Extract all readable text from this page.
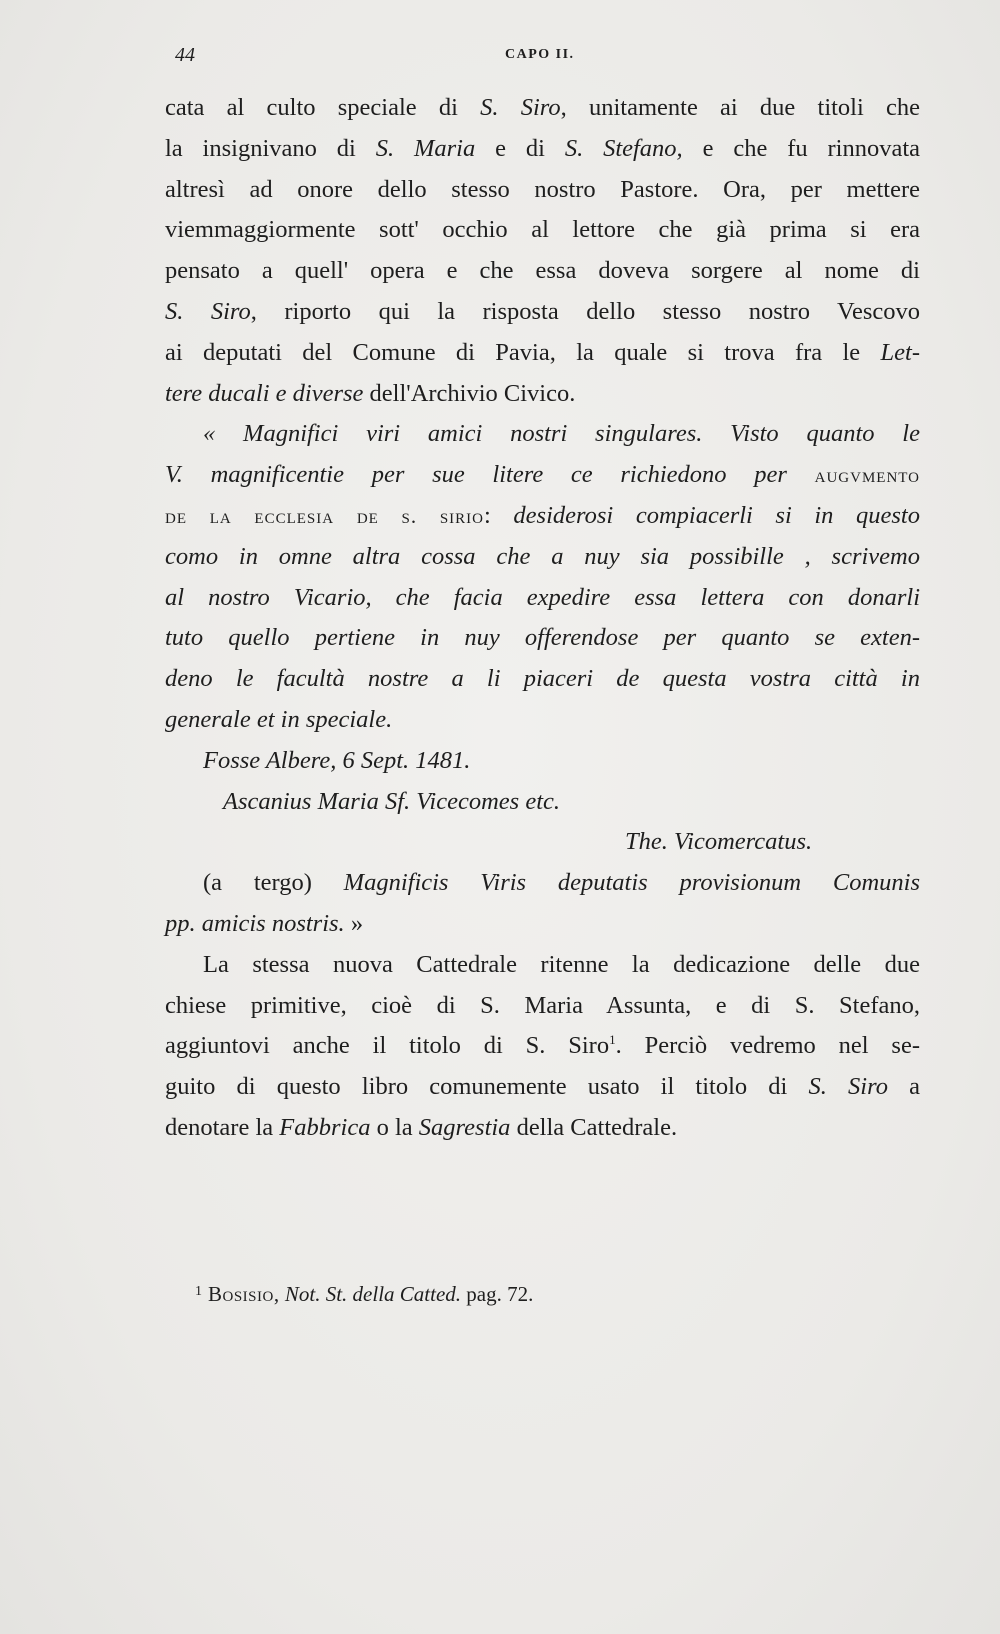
44	CAPO II.
cata al culto speciale di S. Siro, unitamente ai due titoli che
la insignivano di S. Maria e di S. Stefano, e che fu rinnovata
altresì ad onore dello stesso nostro Pastore. Ora, per mettere
viemmaggiormente sott' occhio al lettore che già prima si era
pensato a quell' opera e che essa doveva sorgere al nome di
S. Siro, riporto qui la risposta dello stesso nostro Vescovo
ai deputati del Comune di Pavia, la quale si trova fra le Let-
tere ducali e diverse dell'Archivio Civico.
« Magnifici viri amici nostri singulares. Visto quanto le
V. magnificentie per sue litere ce richiedono per augvmento
de la ecclesia de s. sirio: desiderosi compiacerli si in questo
como in omne altra cossa che a nuy sia possibille , scrivemo
al nostro Vicario, che facia expedire essa lettera con donarli
tuto quello pertiene in nuy offerendose per quanto se exten-
deno le facultà nostre a li piaceri de questa vostra città in
generale et in speciale.
Fosse Albere, 6 Sept. 1481.
Ascanius Maria Sf. Vicecomes etc.
The. Vicomercatus.
(a tergo) Magnificis Viris deputatis provisionum Comunis
pp. amicis nostris. »
La stessa nuova Cattedrale ritenne la dedicazione delle due
chiese primitive, cioè di S. Maria Assunta, e di S. Stefano,
aggiuntovi anche il titolo di S. Siro$^1$. Perciò vedremo nel se-
guito di questo libro comunemente usato il titolo di S. Siro a
denotare la Fabbrica o la Sagrestia della Cattedrale.
$^1$ Bosisio, Not. St. della Catted. pag. 72.
